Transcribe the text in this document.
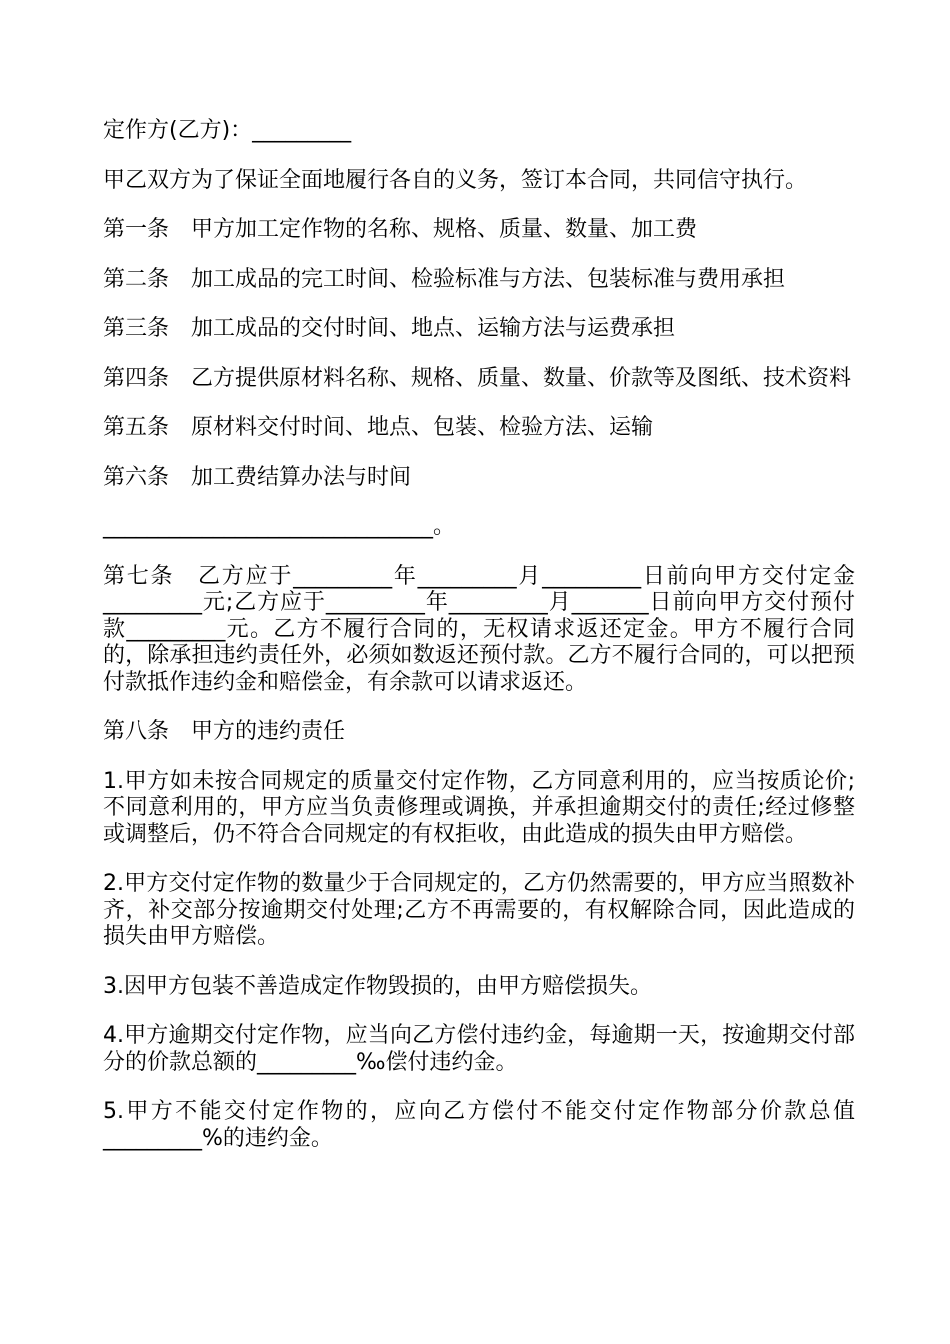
定作方(乙方)：_________

甲乙双方为了保证全面地履行各自的义务，签订本合同，共同信守执行。

第一条　甲方加工定作物的名称、规格、质量、数量、加工费

第二条　加工成品的完工时间、检验标准与方法、包装标准与费用承担

第三条　加工成品的交付时间、地点、运输方法与运费承担

第四条　乙方提供原材料名称、规格、质量、数量、价款等及图纸、技术资料

第五条　原材料交付时间、地点、包装、检验方法、运输

第六条　加工费结算办法与时间

______________________________。

第七条　乙方应于_________年_________月_________日前向甲方交付定金_________元;乙方应于_________年_________月_______日前向甲方交付预付款_________元。乙方不履行合同的，无权请求返还定金。甲方不履行合同的，除承担违约责任外，必须如数返还预付款。乙方不履行合同的，可以把预付款抵作违约金和赔偿金，有余款可以请求返还。

第八条　甲方的违约责任

1.甲方如未按合同规定的质量交付定作物，乙方同意利用的，应当按质论价;不同意利用的，甲方应当负责修理或调换，并承担逾期交付的责任;经过修整或调整后，仍不符合合同规定的有权拒收，由此造成的损失由甲方赔偿。

2.甲方交付定作物的数量少于合同规定的，乙方仍然需要的，甲方应当照数补齐，补交部分按逾期交付处理;乙方不再需要的，有权解除合同，因此造成的损失由甲方赔偿。

3.因甲方包装不善造成定作物毁损的，由甲方赔偿损失。

4.甲方逾期交付定作物，应当向乙方偿付违约金，每逾期一天，按逾期交付部分的价款总额的_________‰偿付违约金。

5.甲方不能交付定作物的，应向乙方偿付不能交付定作物部分价款总值_________%的违约金。
